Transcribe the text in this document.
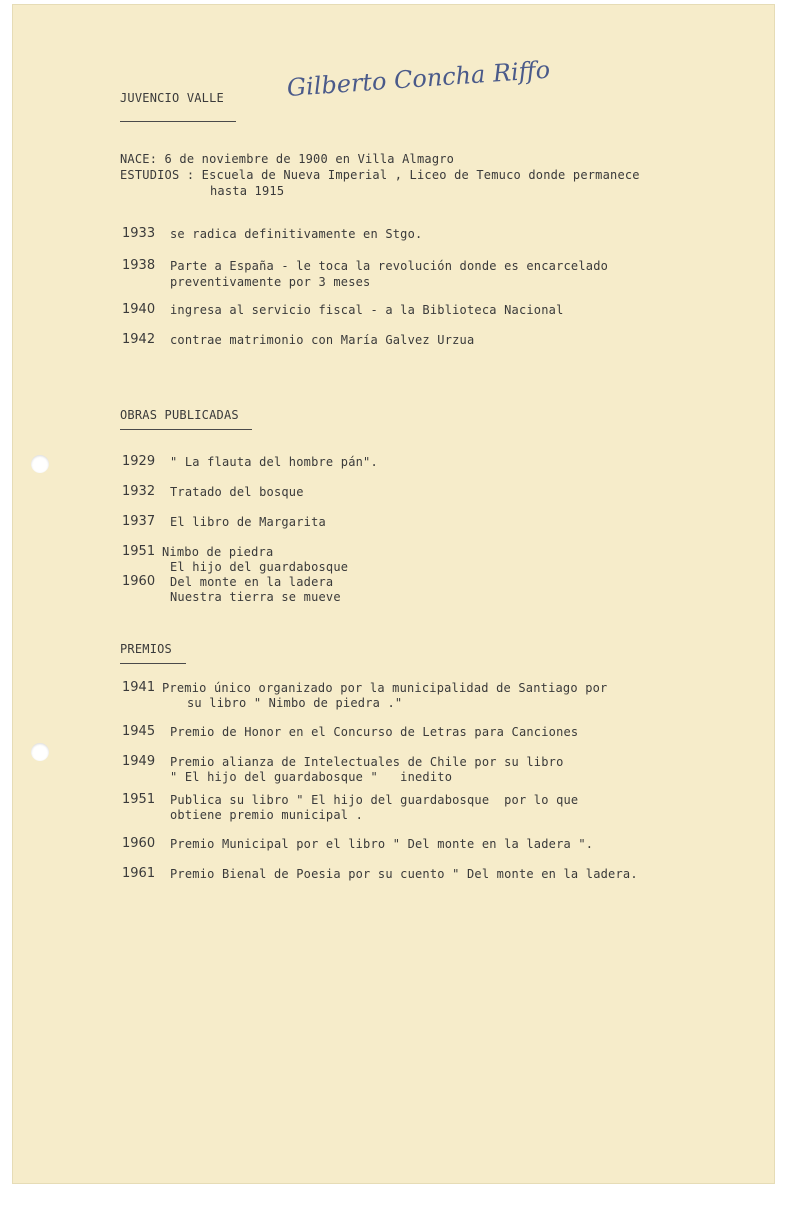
JUVENCIO VALLE	Gilberto Concha Riffo
NACE: 6 de noviembre de 1900 en Villa Almagro
ESTUDIOS : Escuela de Nueva Imperial , Liceo de Temuco donde permanece
hasta 1915
1933 se radica definitivamente en Stgo.
1938 Parte a España - le toca la revolución donde es encarcelado
preventivamente por 3 meses
1940 ingresa al servicio fiscal - a la Biblioteca Nacional
1942 contrae matrimonio con María Galvez Urzua
OBRAS PUBLICADAS
1929 " La flauta del hombre pán".
1932 Tratado del bosque
1937 El libro de Margarita
1951 Nimbo de piedra
El hijo del guardabosque
1960 Del monte en la ladera
Nuestra tierra se mueve
PREMIOS
1941 Premio único organizado por la municipalidad de Santiago por
su libro " Nimbo de piedra ."
1945 Premio de Honor en el Concurso de Letras para Canciones
1949 Premio alianza de Intelectuales de Chile por su libro
" El hijo del guardabosque "   inedito
1951 Publica su libro " El hijo del guardabosque  por lo que
obtiene premio municipal .
1960 Premio Municipal por el libro " Del monte en la ladera ".
1961 Premio Bienal de Poesia por su cuento " Del monte en la ladera.
